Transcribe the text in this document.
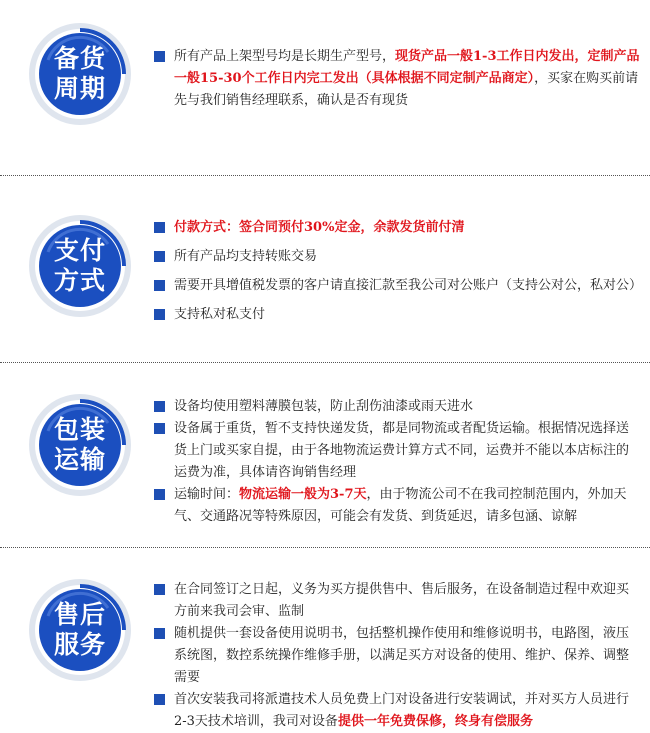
备货
周期
所有产品上架型号均是长期生产型号，现货产品一般1-3工作日内发出，定制产品一般15-30个工作日内完工发出（具体根据不同定制产品商定），买家在购买前请先与我们销售经理联系，确认是否有现货
支付
方式
付款方式：签合同预付30%定金，余款发货前付清
所有产品均支持转账交易
需要开具增值税发票的客户请直接汇款至我公司对公账户（支持公对公，私对公）
支持私对私支付
包装
运输
设备均使用塑料薄膜包装，防止刮伤油漆或雨天进水
设备属于重货，暂不支持快递发货，都是同物流或者配货运输。根据情况选择送货上门或买家自提，由于各地物流运费计算方式不同，运费并不能以本店标注的运费为准，具体请咨询销售经理
运输时间：物流运输一般为3-7天，由于物流公司不在我司控制范围内，外加天气、交通路况等特殊原因，可能会有发货、到货延迟，请多包涵、谅解
售后
服务
在合同签订之日起，义务为买方提供售中、售后服务，在设备制造过程中欢迎买方前来我司会审、监制
随机提供一套设备使用说明书，包括整机操作使用和维修说明书，电路图，液压系统图，数控系统操作维修手册，以满足买方对设备的使用、维护、保养、调整需要
首次安装我司将派遣技术人员免费上门对设备进行安装调试，并对买方人员进行2-3天技术培训，我司对设备提供一年免费保修，终身有偿服务
